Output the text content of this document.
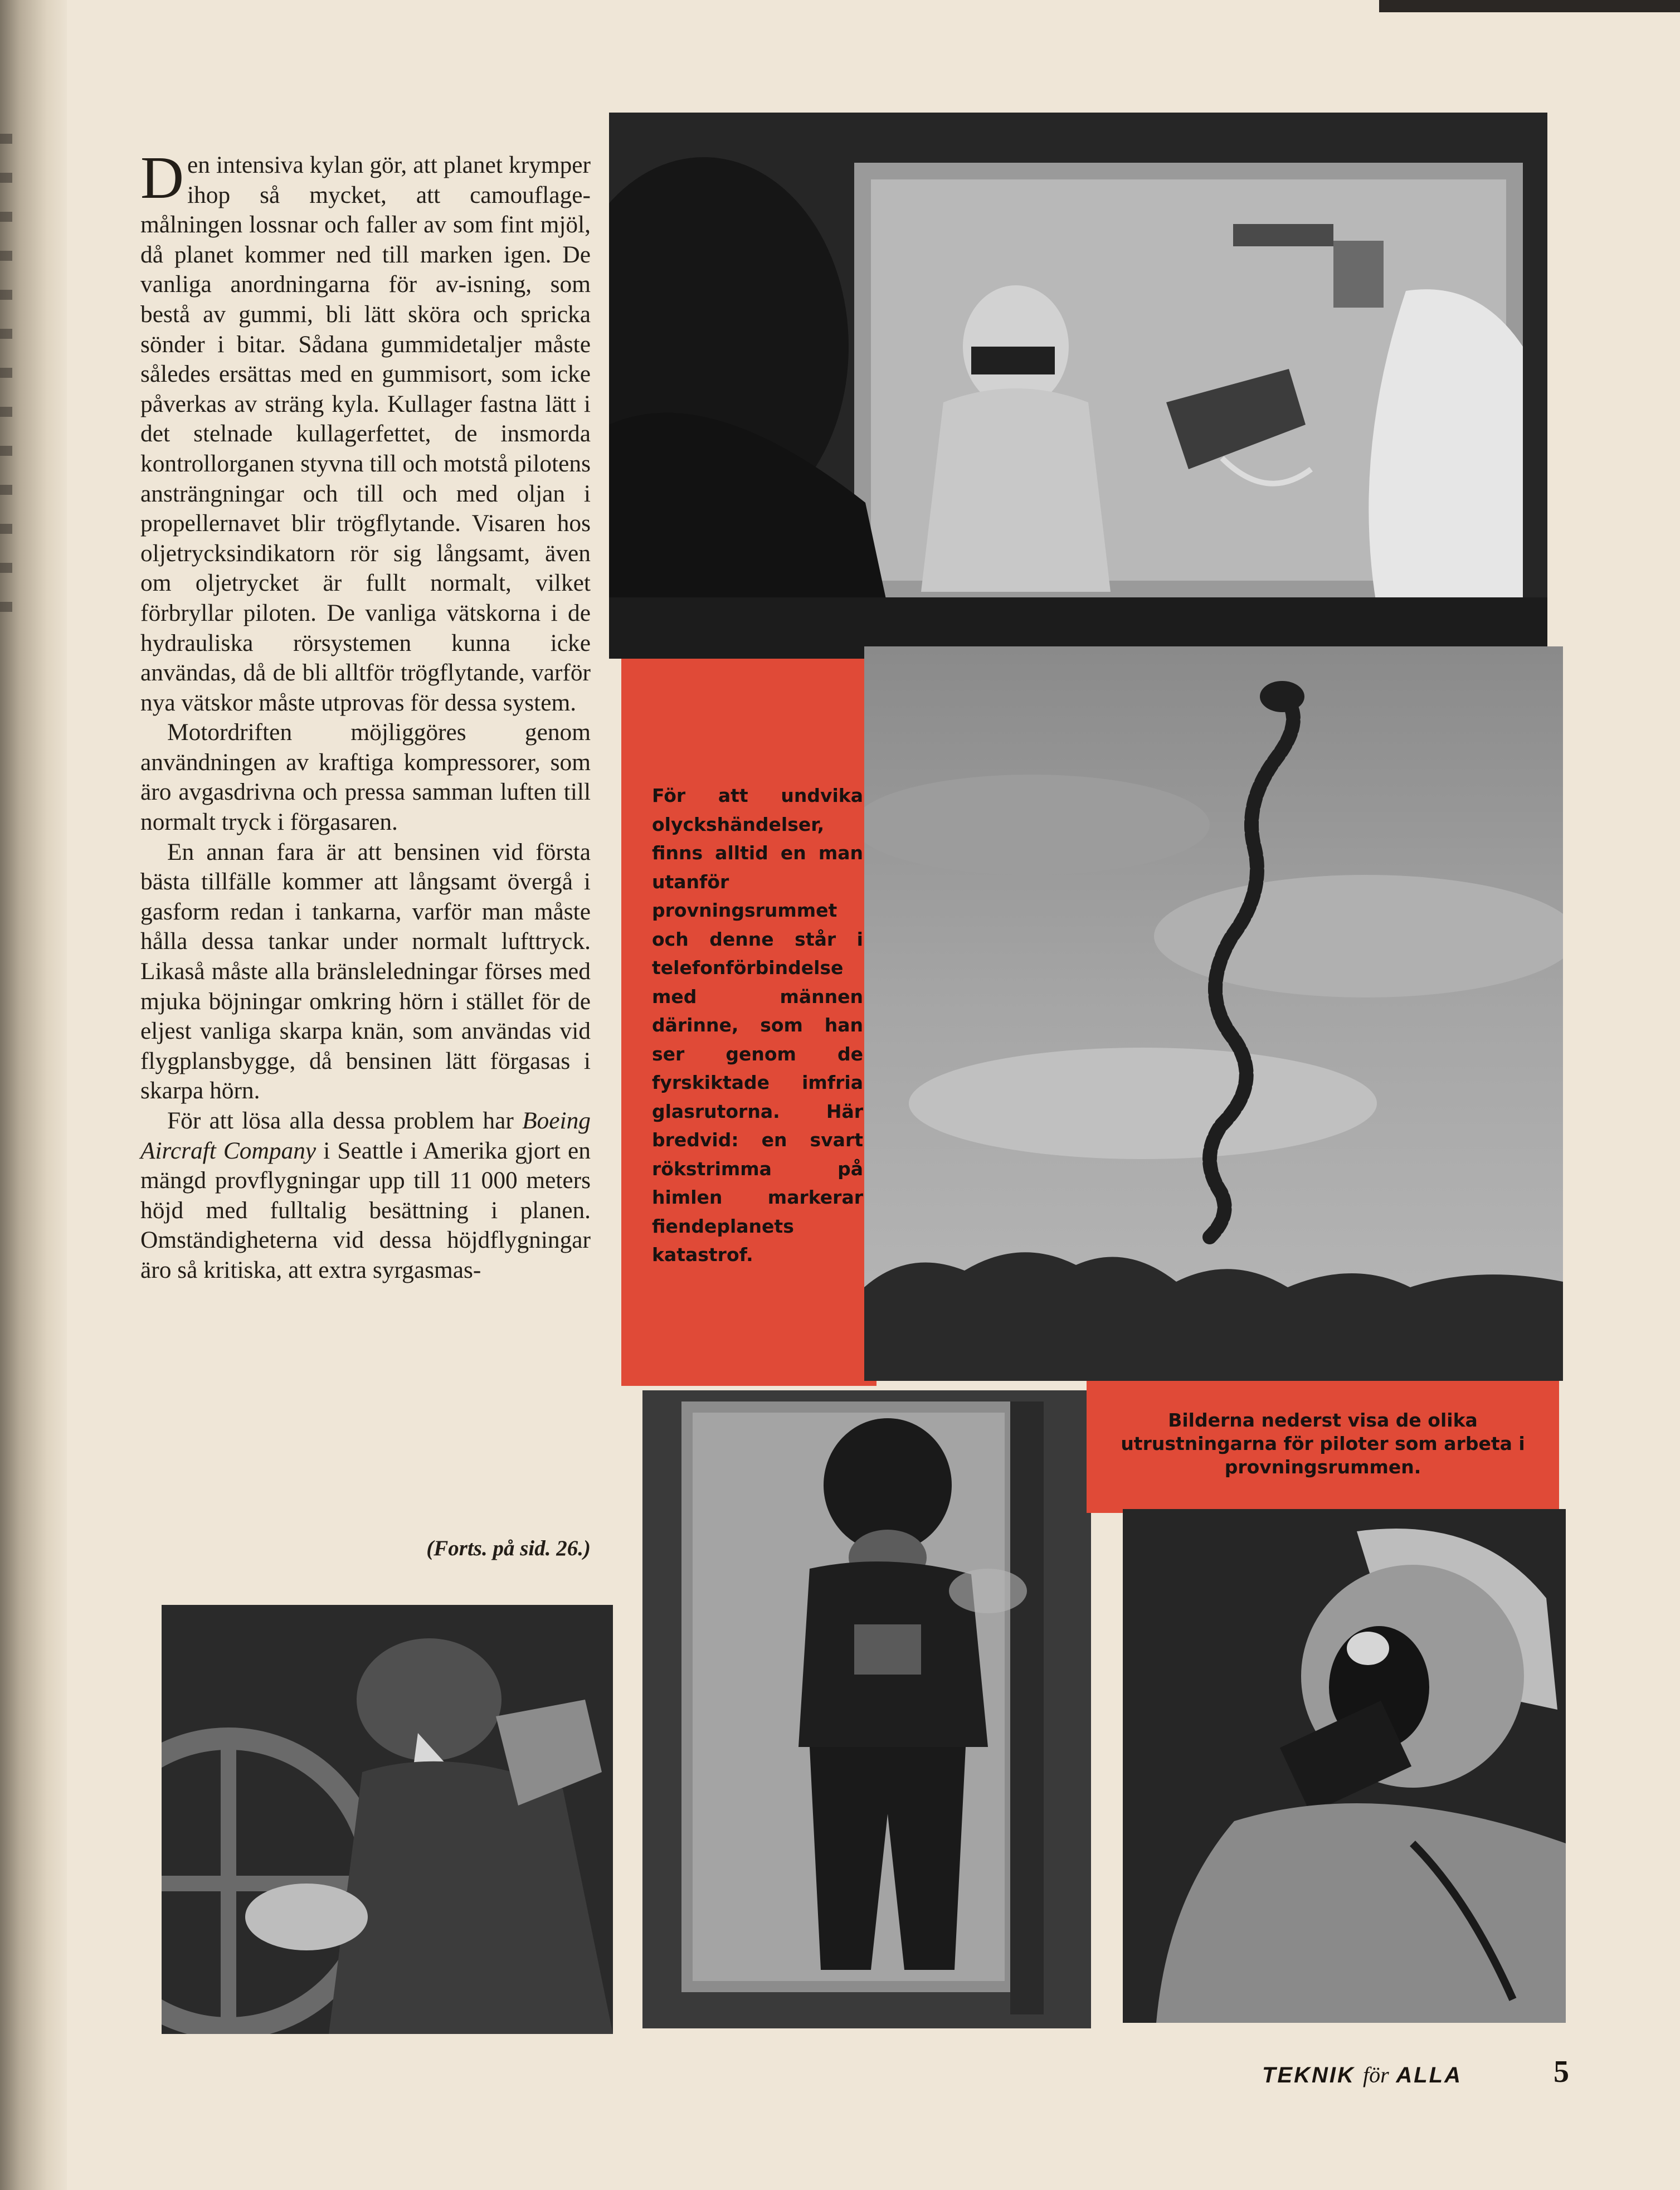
Den intensiva kylan gör, att planet krymper ihop så mycket, att camouflage-målningen lossnar och faller av som fint mjöl, då planet kommer ned till marken igen. De vanliga anordningarna för av-isning, som bestå av gummi, bli lätt sköra och spricka sönder i bitar. Sådana gummidetaljer måste således ersättas med en gummisort, som icke påverkas av sträng kyla. Kullager fastna lätt i det stelnade kullagerfettet, de insmorda kontrollorganen styvna till och motstå pilotens ansträngningar och till och med oljan i propellernavet blir trögflytande. Visaren hos oljetrycksindikatorn rör sig långsamt, även om oljetrycket är fullt normalt, vilket förbryllar piloten. De vanliga vätskorna i de hydrauliska rörsystemen kunna icke användas, då de bli alltför trögflytande, varför nya vätskor måste utprovas för dessa system.

Motordriften möjliggöres genom användningen av kraftiga kompressorer, som äro avgasdrivna och pressa samman luften till normalt tryck i förgasaren.

En annan fara är att bensinen vid första bästa tillfälle kommer att långsamt övergå i gasform redan i tankarna, varför man måste hålla dessa tankar under normalt lufttryck. Likaså måste alla bränsleledningar förses med mjuka böjningar omkring hörn i stället för de eljest vanliga skarpa knän, som användas vid flygplansbygge, då bensinen lätt förgasas i skarpa hörn.

För att lösa alla dessa problem har Boeing Aircraft Company i Seattle i Amerika gjort en mängd provflygningar upp till 11 000 meters höjd med fulltalig besättning i planen. Omständigheterna vid dessa höjdflygningar äro så kritiska, att extra syrgasmas-

(Forts. på sid. 26.)
För att undvika olyckshändelser, finns alltid en man utanför provningsrummet och denne står i telefonförbindelse med männen därinne, som han ser genom de fyrskiktade imfria glasrutorna. Här bredvid: en svart rökstrimma på himlen markerar fiendeplanets katastrof.
Bilderna nederst visa de olika utrustningarna för piloter som arbeta i provningsrummen.
TEKNIK för ALLA	5
